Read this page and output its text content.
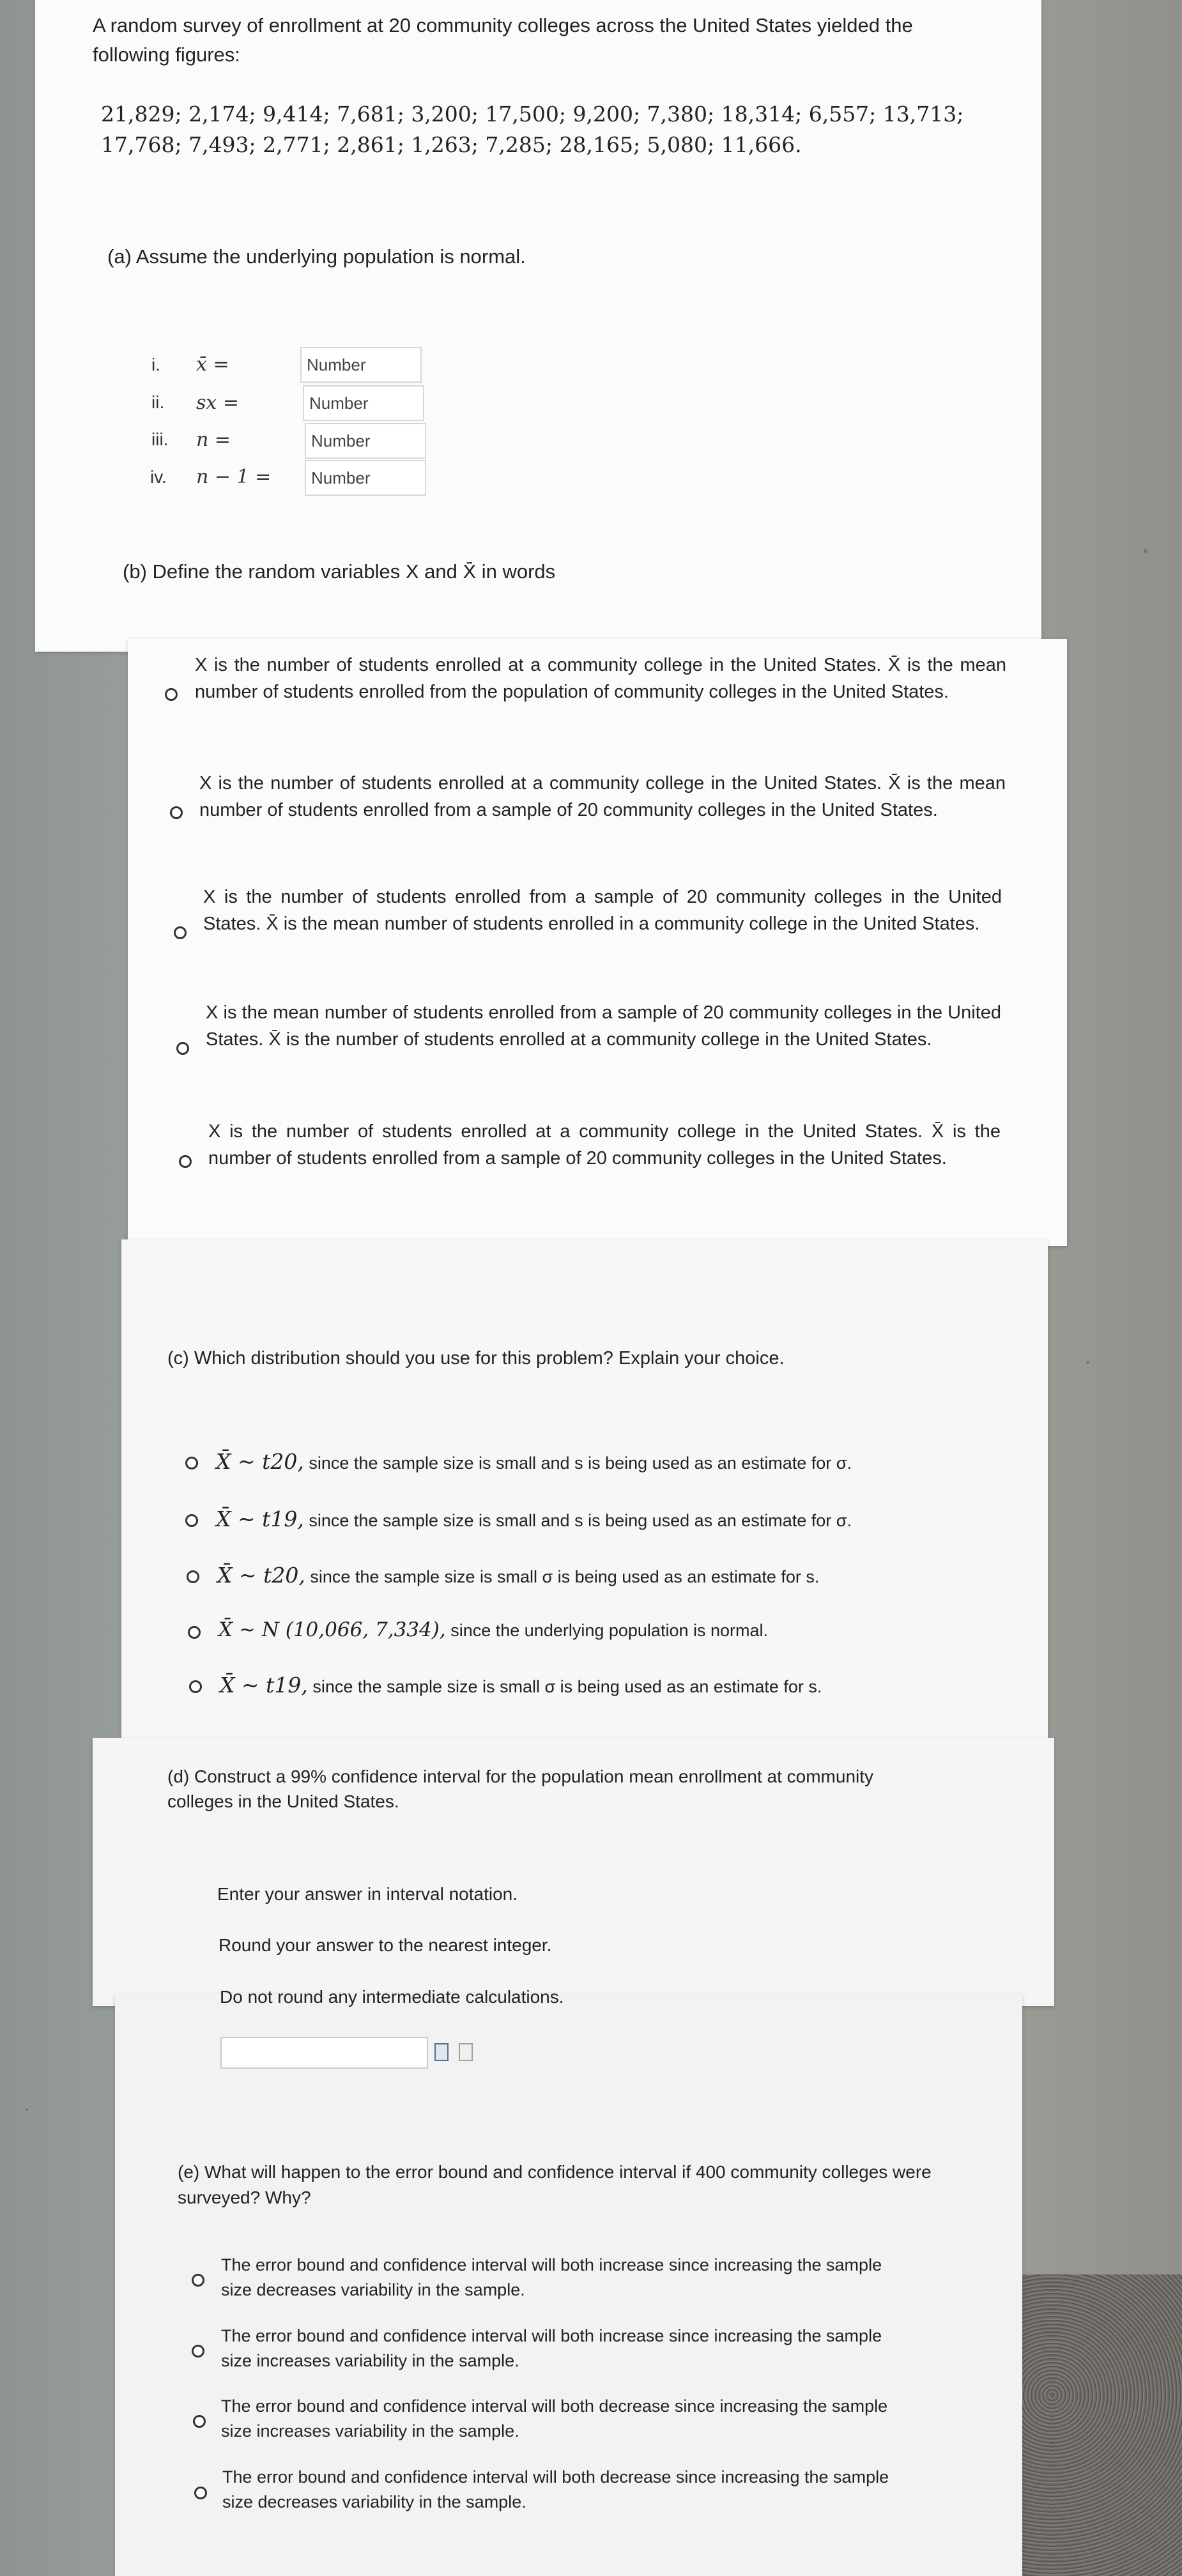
A random survey of enrollment at 20 community colleges across the United States yielded the
following figures:
21,829; 2,174; 9,414; 7,681; 3,200; 17,500; 9,200; 7,380; 18,314; 6,557; 13,713;
17,768; 7,493; 2,771; 2,861; 1,263; 7,285; 28,165; 5,080; 11,666.
(a) Assume the underlying population is normal.
i. x̄ =	Number
ii. sx =	Number
iii. n =	Number
iv. n − 1 =	Number
(b) Define the random variables X and X̄ in words
X is the number of students enrolled at a community college in the United States. X̄ is the mean number of students enrolled from the population of community colleges in the United States.
X is the number of students enrolled at a community college in the United States. X̄ is the mean number of students enrolled from a sample of 20 community colleges in the United States.
X is the number of students enrolled from a sample of 20 community colleges in the United States. X̄ is the mean number of students enrolled in a community college in the United States.
X is the mean number of students enrolled from a sample of 20 community colleges in the United States. X̄ is the number of students enrolled at a community college in the United States.
X is the number of students enrolled at a community college in the United States. X̄ is the number of students enrolled from a sample of 20 community colleges in the United States.
(c) Which distribution should you use for this problem? Explain your choice.
X̄ ~ t20, since the sample size is small and s is being used as an estimate for σ.
X̄ ~ t19, since the sample size is small and s is being used as an estimate for σ.
X̄ ~ t20, since the sample size is small σ is being used as an estimate for s.
X̄ ~ N (10,066, 7,334), since the underlying population is normal.
X̄ ~ t19, since the sample size is small σ is being used as an estimate for s.
(d) Construct a 99% confidence interval for the population mean enrollment at community
colleges in the United States.
Enter your answer in interval notation.
Round your answer to the nearest integer.
Do not round any intermediate calculations.
(e) What will happen to the error bound and confidence interval if 400 community colleges were
surveyed? Why?
The error bound and confidence interval will both increase since increasing the sample
size decreases variability in the sample.
The error bound and confidence interval will both increase since increasing the sample
size increases variability in the sample.
The error bound and confidence interval will both decrease since increasing the sample
size increases variability in the sample.
The error bound and confidence interval will both decrease since increasing the sample
size decreases variability in the sample.
